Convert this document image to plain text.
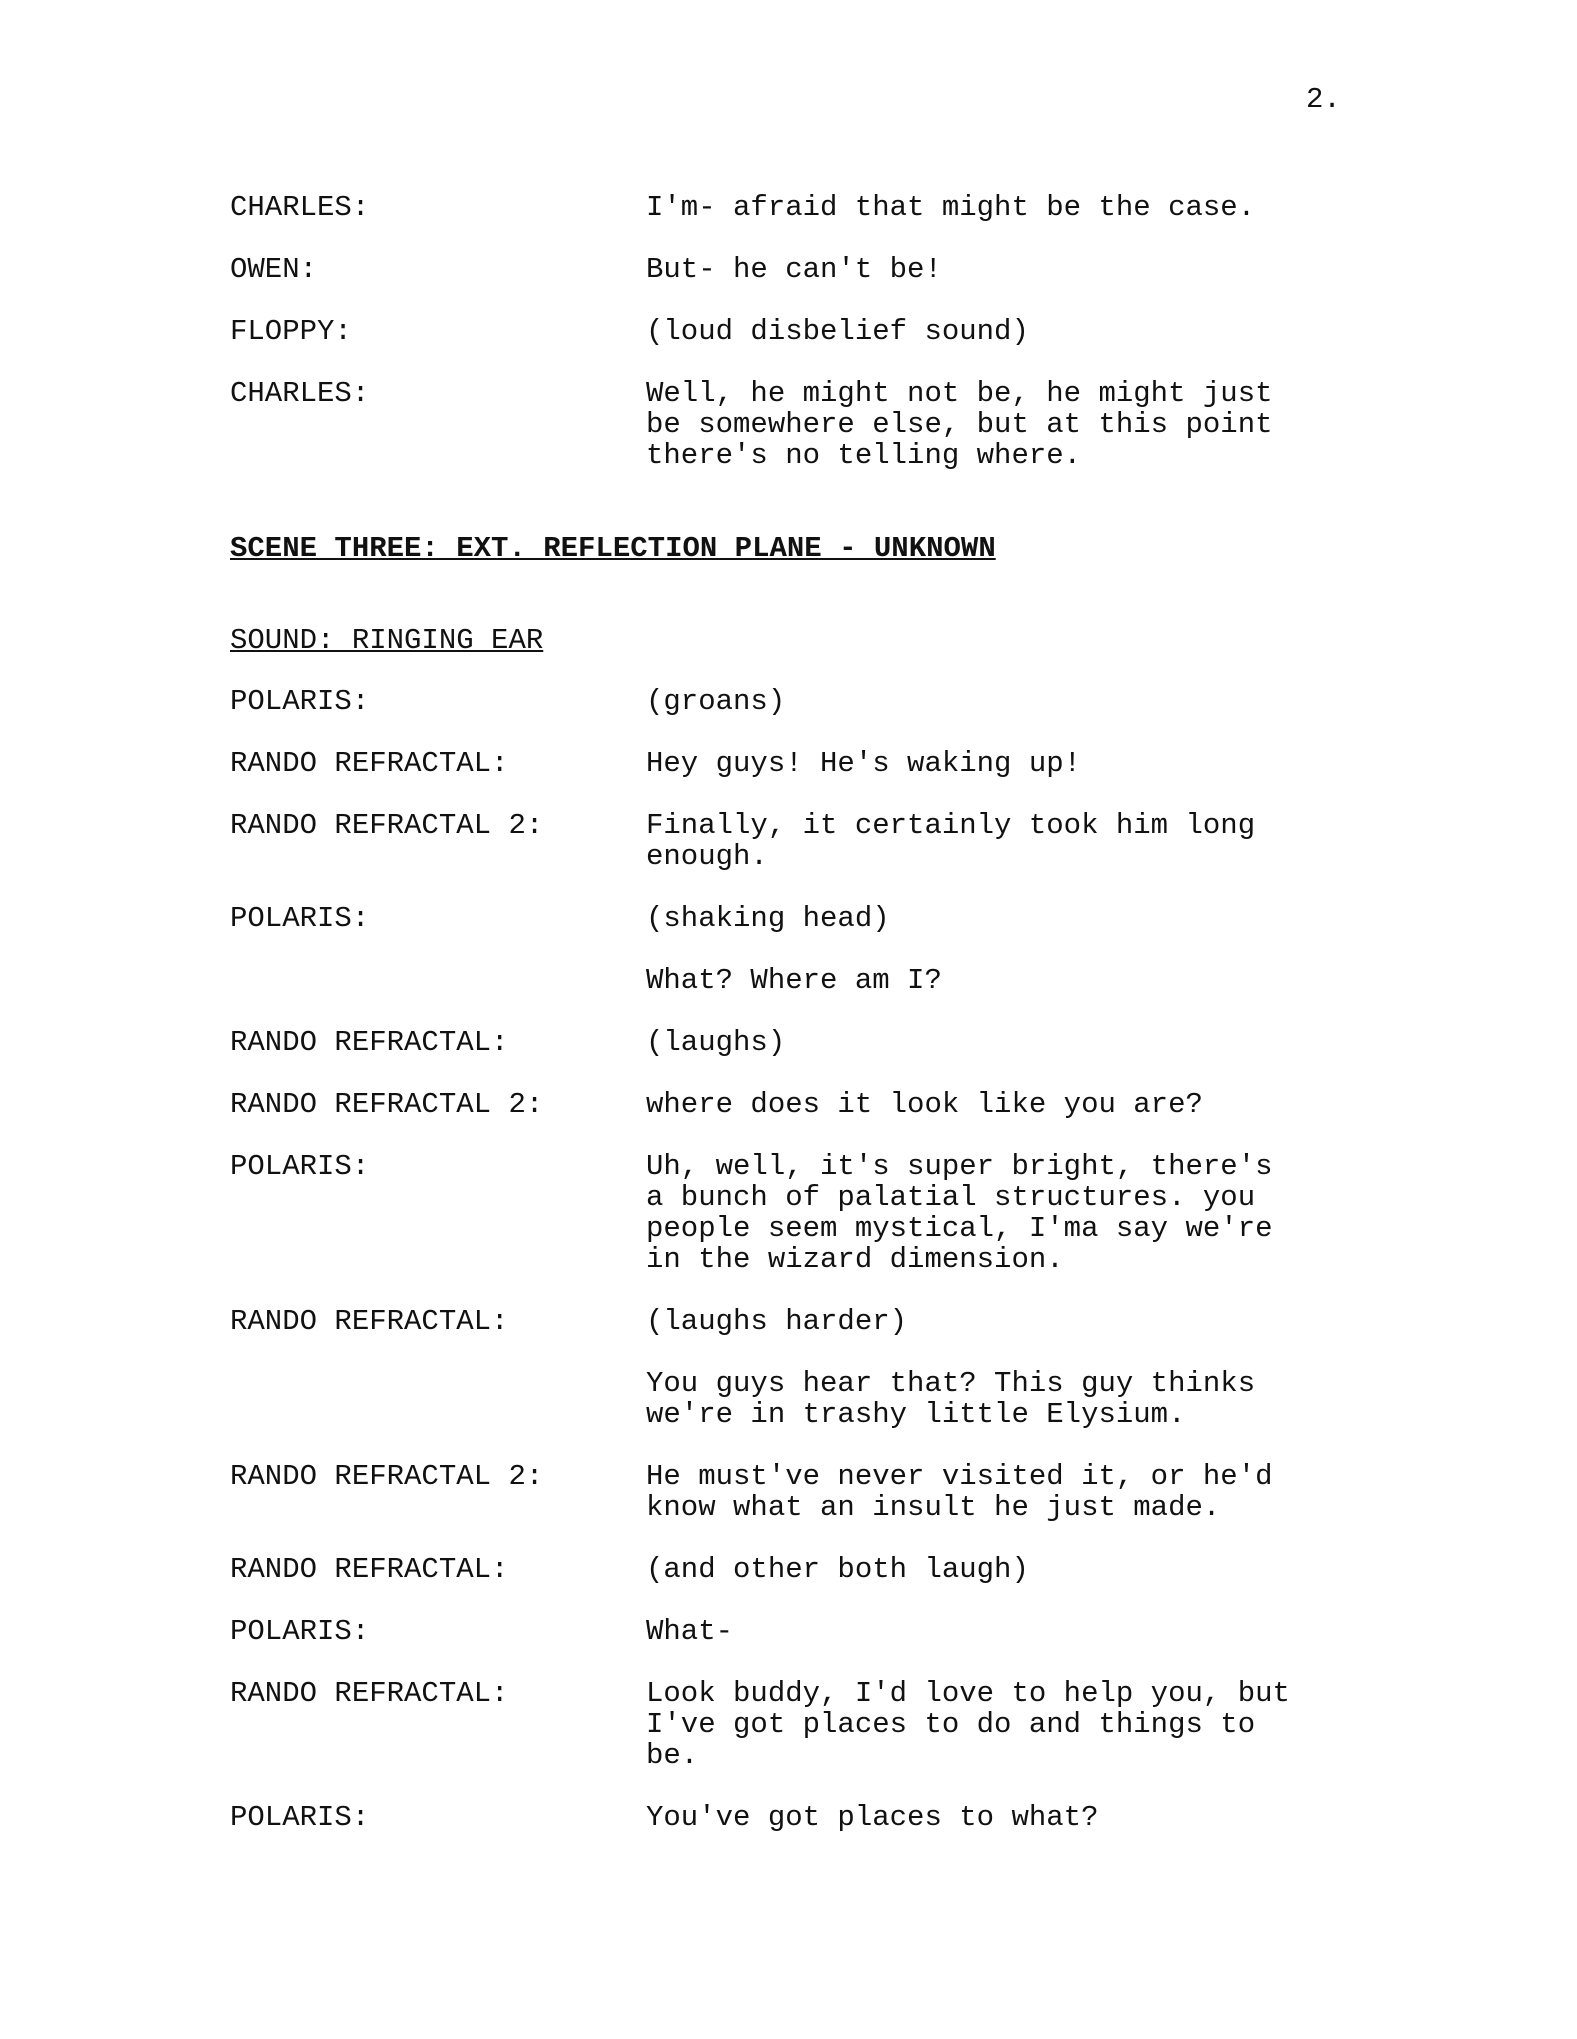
2.
CHARLES:	I'm- afraid that might be the case.
OWEN:	But- he can't be!
FLOPPY:	(loud disbelief sound)
CHARLES:	Well, he might not be, he might just
be somewhere else, but at this point
there's no telling where.
SCENE THREE: EXT. REFLECTION PLANE - UNKNOWN
SOUND: RINGING EAR
POLARIS:	(groans)
RANDO REFRACTAL:	Hey guys! He's waking up!
RANDO REFRACTAL 2:	Finally, it certainly took him long
enough.
POLARIS:	(shaking head)
What? Where am I?
RANDO REFRACTAL:	(laughs)
RANDO REFRACTAL 2:	where does it look like you are?
POLARIS:	Uh, well, it's super bright, there's
a bunch of palatial structures. you
people seem mystical, I'ma say we're
in the wizard dimension.
RANDO REFRACTAL:	(laughs harder)
You guys hear that? This guy thinks
we're in trashy little Elysium.
RANDO REFRACTAL 2:	He must've never visited it, or he'd
know what an insult he just made.
RANDO REFRACTAL:	(and other both laugh)
POLARIS:	What-
RANDO REFRACTAL:	Look buddy, I'd love to help you, but
I've got places to do and things to
be.
POLARIS:	You've got places to what?
